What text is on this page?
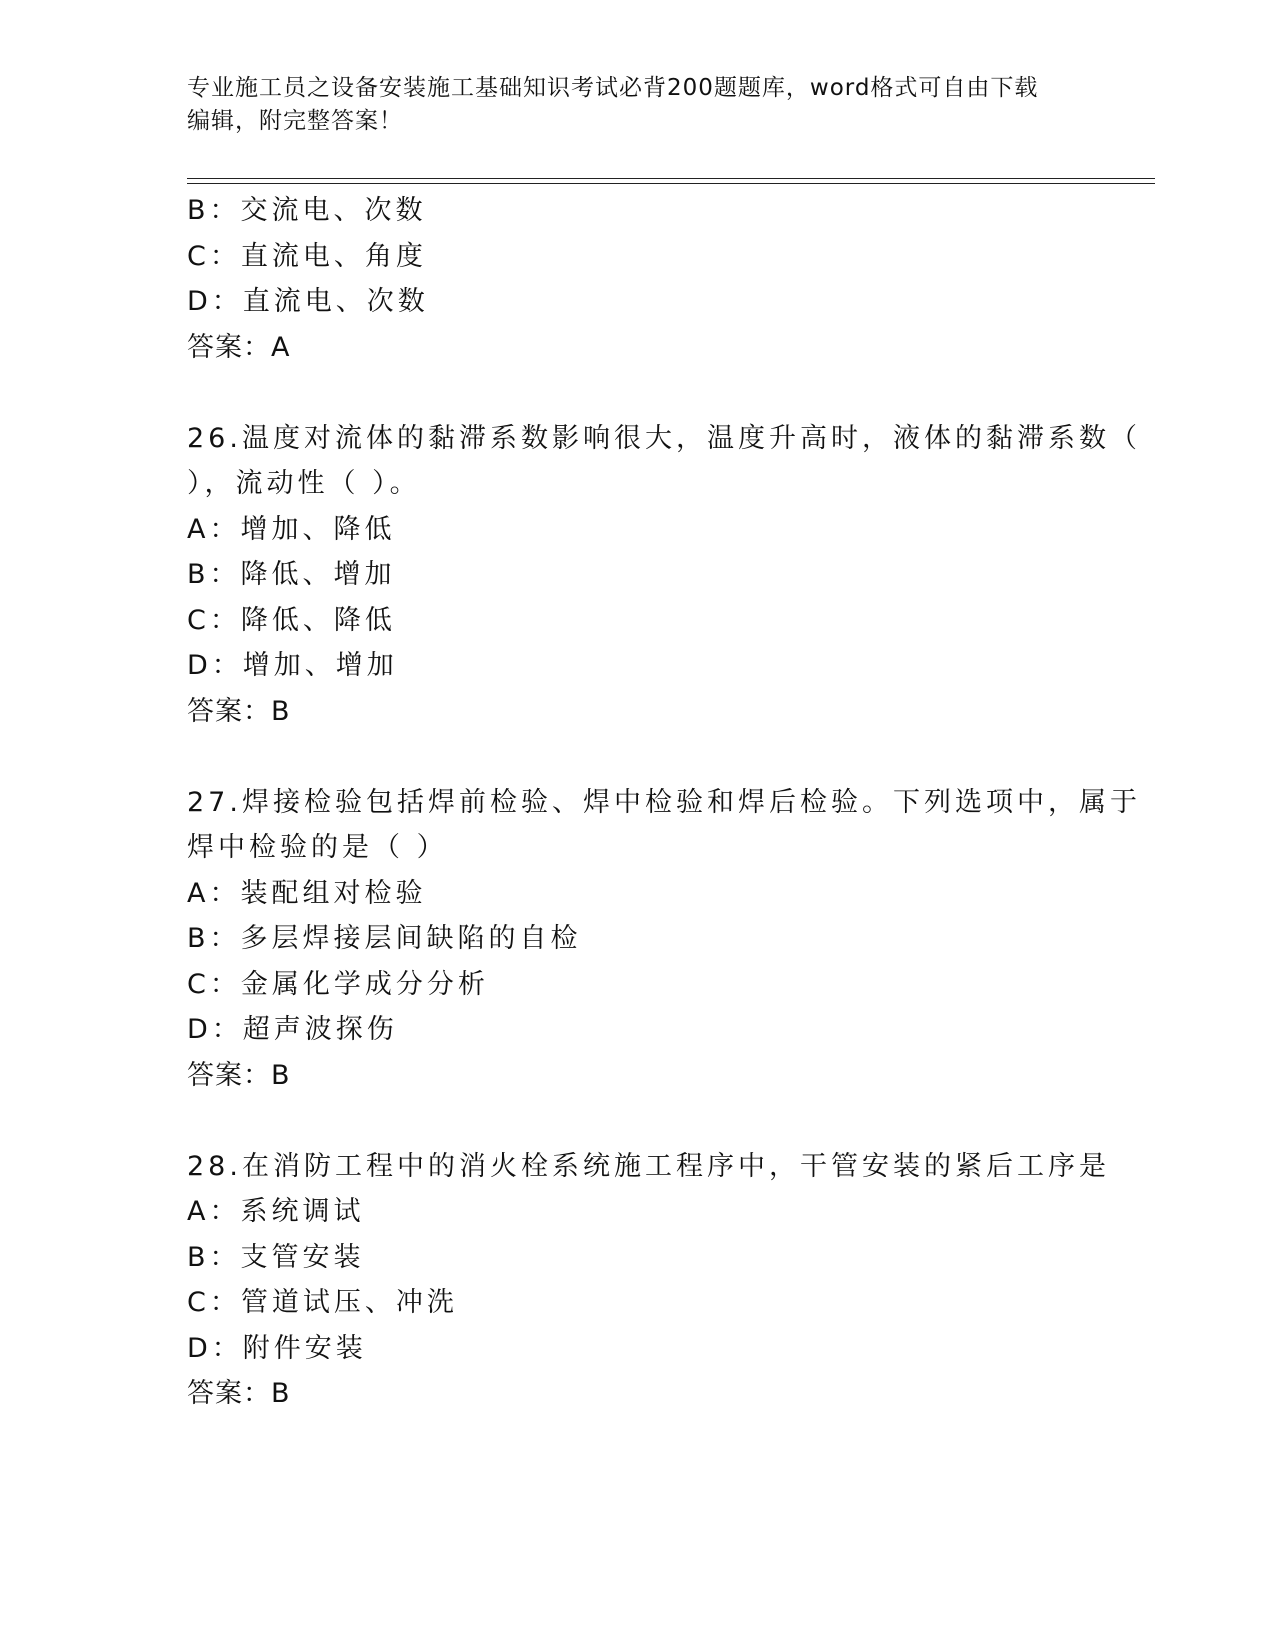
专业施工员之设备安装施工基础知识考试必背200题题库，word格式可自由下载
编辑，附完整答案！
B：交流电、次数
C：直流电、角度
D：直流电、次数
答案：A
26.温度对流体的黏滞系数影响很大，温度升高时，液体的黏滞系数（
），流动性（ ）。
A：增加、降低
B：降低、增加
C：降低、降低
D：增加、增加
答案：B
27.焊接检验包括焊前检验、焊中检验和焊后检验。下列选项中，属于
焊中检验的是（ ）
A：装配组对检验
B：多层焊接层间缺陷的自检
C：金属化学成分分析
D：超声波探伤
答案：B
28.在消防工程中的消火栓系统施工程序中，干管安装的紧后工序是
A：系统调试
B：支管安装
C：管道试压、冲洗
D：附件安装
答案：B
